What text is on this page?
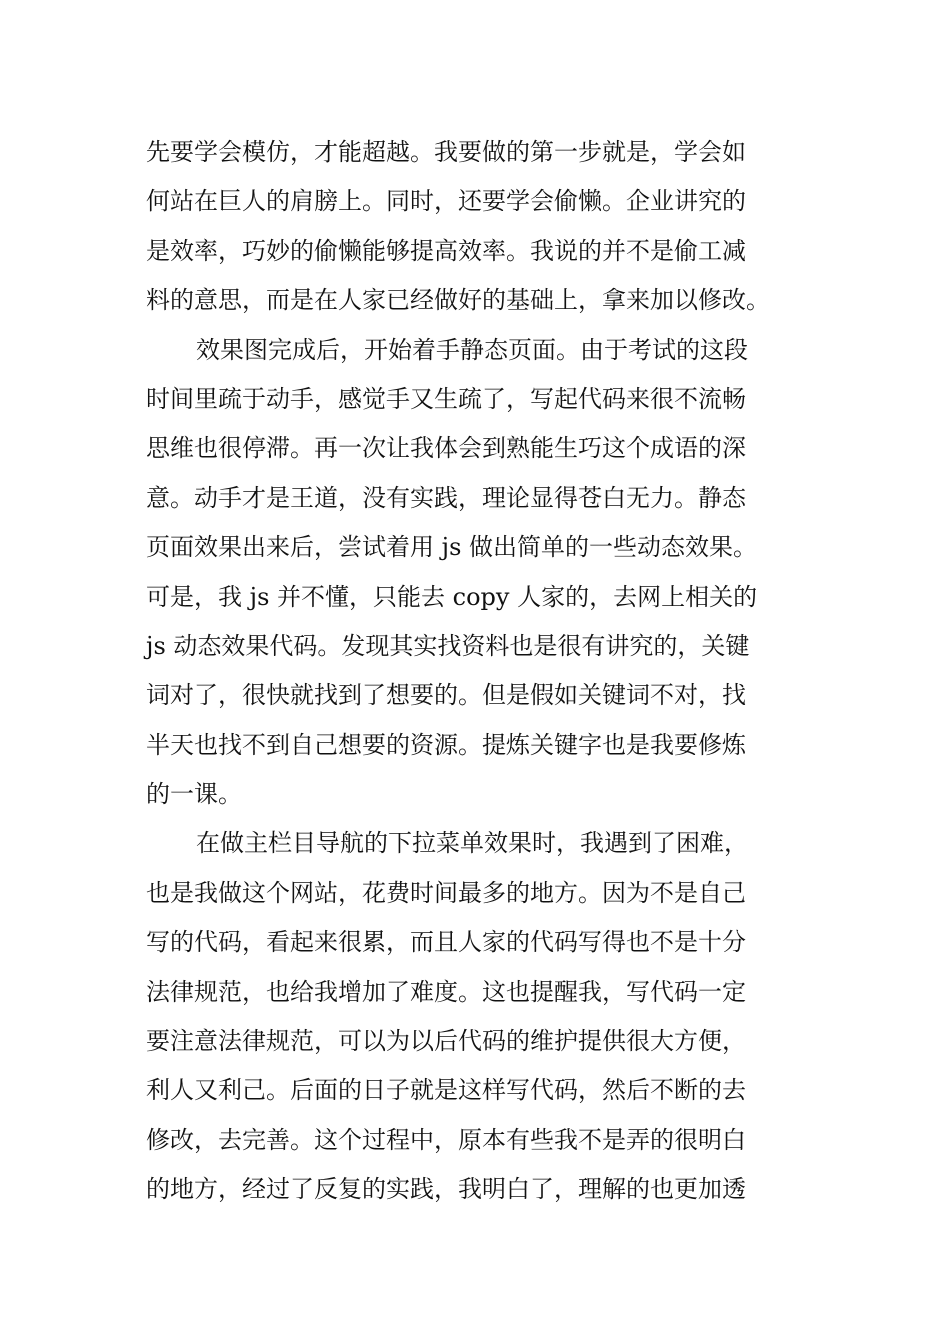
先要学会模仿，才能超越。我要做的第一步就是，学会如
何站在巨人的肩膀上。同时，还要学会偷懒。企业讲究的
是效率，巧妙的偷懒能够提高效率。我说的并不是偷工减
料的意思，而是在人家已经做好的基础上，拿来加以修改。

效果图完成后，开始着手静态页面。由于考试的这段
时间里疏于动手，感觉手又生疏了，写起代码来很不流畅
思维也很停滞。再一次让我体会到熟能生巧这个成语的深
意。动手才是王道，没有实践，理论显得苍白无力。静态
页面效果出来后，尝试着用 js 做出简单的一些动态效果。
可是，我 js 并不懂，只能去 copy 人家的，去网上相关的
js 动态效果代码。发现其实找资料也是很有讲究的，关键
词对了，很快就找到了想要的。但是假如关键词不对，找
半天也找不到自己想要的资源。提炼关键字也是我要修炼
的一课。

在做主栏目导航的下拉菜单效果时，我遇到了困难，
也是我做这个网站，花费时间最多的地方。因为不是自己
写的代码，看起来很累，而且人家的代码写得也不是十分
法律规范，也给我增加了难度。这也提醒我，写代码一定
要注意法律规范，可以为以后代码的维护提供很大方便，
利人又利己。后面的日子就是这样写代码，然后不断的去
修改，去完善。这个过程中，原本有些我不是弄的很明白
的地方，经过了反复的实践，我明白了，理解的也更加透
